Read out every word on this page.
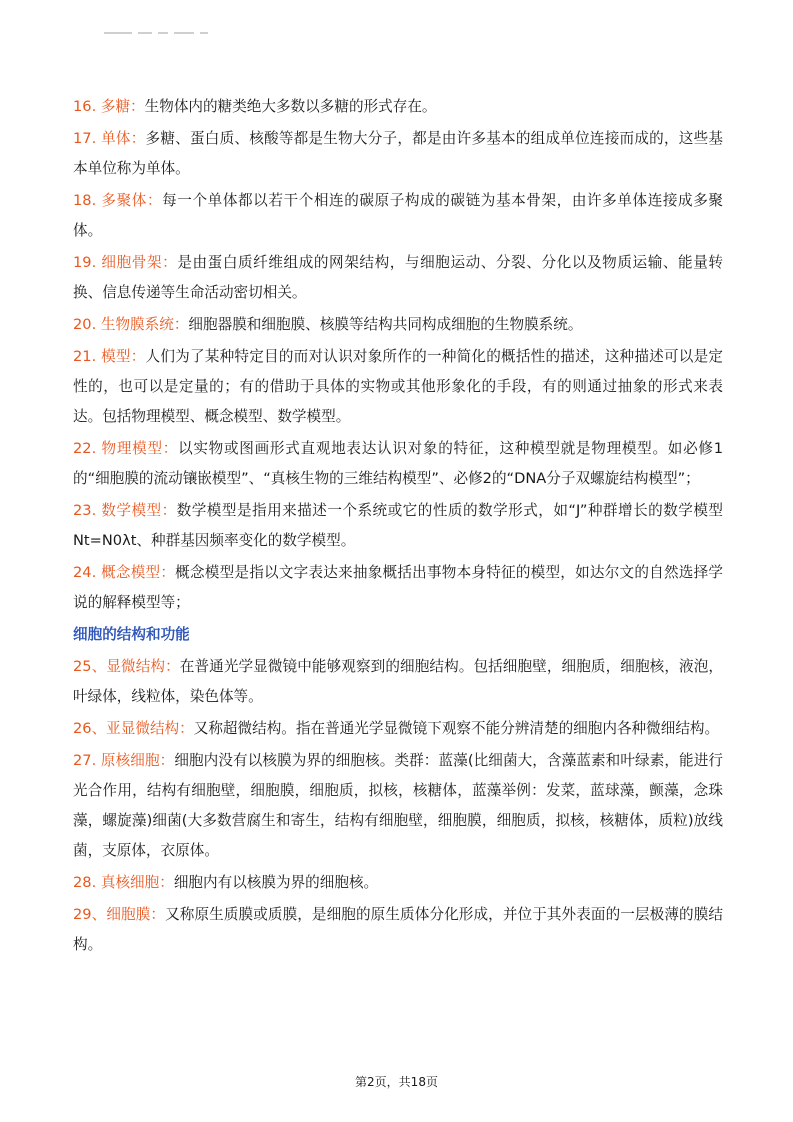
16. 多糖：生物体内的糖类绝大多数以多糖的形式存在。

17. 单体：多糖、蛋白质、核酸等都是生物大分子，都是由许多基本的组成单位连接而成的，这些基本单位称为单体。

18. 多聚体：每一个单体都以若干个相连的碳原子构成的碳链为基本骨架，由许多单体连接成多聚体。

19. 细胞骨架：是由蛋白质纤维组成的网架结构，与细胞运动、分裂、分化以及物质运输、能量转换、信息传递等生命活动密切相关。

20. 生物膜系统：细胞器膜和细胞膜、核膜等结构共同构成细胞的生物膜系统。

21. 模型：人们为了某种特定目的而对认识对象所作的一种简化的概括性的描述，这种描述可以是定性的，也可以是定量的；有的借助于具体的实物或其他形象化的手段，有的则通过抽象的形式来表达。包括物理模型、概念模型、数学模型。

22. 物理模型：以实物或图画形式直观地表达认识对象的特征，这种模型就是物理模型。如必修1的“细胞膜的流动镶嵌模型”、“真核生物的三维结构模型”、必修2的“DNA分子双螺旋结构模型”；

23. 数学模型：数学模型是指用来描述一个系统或它的性质的数学形式，如“J”种群增长的数学模型Nt=N0λt、种群基因频率变化的数学模型。

24. 概念模型：概念模型是指以文字表达来抽象概括出事物本身特征的模型，如达尔文的自然选择学说的解释模型等；

细胞的结构和功能

25、显微结构：在普通光学显微镜中能够观察到的细胞结构。包括细胞壁，细胞质，细胞核，液泡，叶绿体，线粒体，染色体等。

26、亚显微结构：又称超微结构。指在普通光学显微镜下观察不能分辨清楚的细胞内各种微细结构。

27. 原核细胞：细胞内没有以核膜为界的细胞核。类群：蓝藻(比细菌大，含藻蓝素和叶绿素，能进行光合作用，结构有细胞壁，细胞膜，细胞质，拟核，核糖体，蓝藻举例：发菜，蓝球藻，颤藻，念珠藻，螺旋藻)细菌(大多数营腐生和寄生，结构有细胞壁，细胞膜，细胞质，拟核，核糖体，质粒)放线菌，支原体，衣原体。

28. 真核细胞：细胞内有以核膜为界的细胞核。

29、细胞膜：又称原生质膜或质膜，是细胞的原生质体分化形成，并位于其外表面的一层极薄的膜结构。

第2页，共18页
